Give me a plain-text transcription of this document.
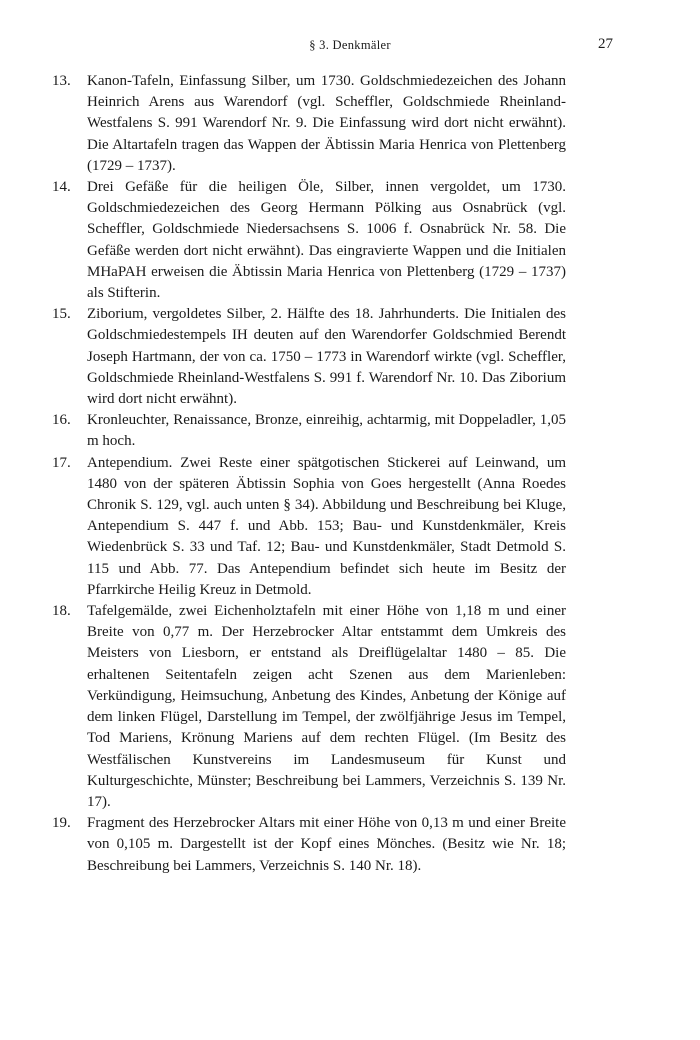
§ 3. Denkmäler	27
13.	Kanon-Tafeln, Einfassung Silber, um 1730. Goldschmiedezeichen des Johann Heinrich Arens aus Warendorf (vgl. Scheffler, Goldschmiede Rheinland-Westfalens S. 991 Warendorf Nr. 9. Die Einfassung wird dort nicht erwähnt). Die Altartafeln tragen das Wappen der Äbtissin Maria Henrica von Plettenberg (1729 – 1737).
14.	Drei Gefäße für die heiligen Öle, Silber, innen vergoldet, um 1730. Goldschmiedezeichen des Georg Hermann Pölking aus Osnabrück (vgl. Scheffler, Goldschmiede Niedersachsens S. 1006 f. Osnabrück Nr. 58. Die Gefäße werden dort nicht erwähnt). Das eingravierte Wappen und die Initialen MHaPAH erweisen die Äbtissin Maria Henrica von Plettenberg (1729 – 1737) als Stifterin.
15.	Ziborium, vergoldetes Silber, 2. Hälfte des 18. Jahrhunderts. Die Initialen des Goldschmiedestempels IH deuten auf den Warendorfer Goldschmied Berendt Joseph Hartmann, der von ca. 1750 – 1773 in Warendorf wirkte (vgl. Scheffler, Goldschmiede Rheinland-Westfalens S. 991 f. Warendorf Nr. 10. Das Ziborium wird dort nicht erwähnt).
16.	Kronleuchter, Renaissance, Bronze, einreihig, achtarmig, mit Doppeladler, 1,05 m hoch.
17.	Antependium. Zwei Reste einer spätgotischen Stickerei auf Leinwand, um 1480 von der späteren Äbtissin Sophia von Goes hergestellt (Anna Roedes Chronik S. 129, vgl. auch unten § 34). Abbildung und Beschreibung bei Kluge, Antependium S. 447 f. und Abb. 153; Bau- und Kunstdenkmäler, Kreis Wiedenbrück S. 33 und Taf. 12; Bau- und Kunstdenkmäler, Stadt Detmold S. 115 und Abb. 77. Das Antependium befindet sich heute im Besitz der Pfarrkirche Heilig Kreuz in Detmold.
18.	Tafelgemälde, zwei Eichenholztafeln mit einer Höhe von 1,18 m und einer Breite von 0,77 m. Der Herzebrocker Altar entstammt dem Umkreis des Meisters von Liesborn, er entstand als Dreiflügelaltar 1480 – 85. Die erhaltenen Seitentafeln zeigen acht Szenen aus dem Marienleben: Verkündigung, Heimsuchung, Anbetung des Kindes, Anbetung der Könige auf dem linken Flügel, Darstellung im Tempel, der zwölfjährige Jesus im Tempel, Tod Mariens, Krönung Mariens auf dem rechten Flügel. (Im Besitz des Westfälischen Kunstvereins im Landesmuseum für Kunst und Kulturgeschichte, Münster; Beschreibung bei Lammers, Verzeichnis S. 139 Nr. 17).
19.	Fragment des Herzebrocker Altars mit einer Höhe von 0,13 m und einer Breite von 0,105 m. Dargestellt ist der Kopf eines Mönches. (Besitz wie Nr. 18; Beschreibung bei Lammers, Verzeichnis S. 140 Nr. 18).
